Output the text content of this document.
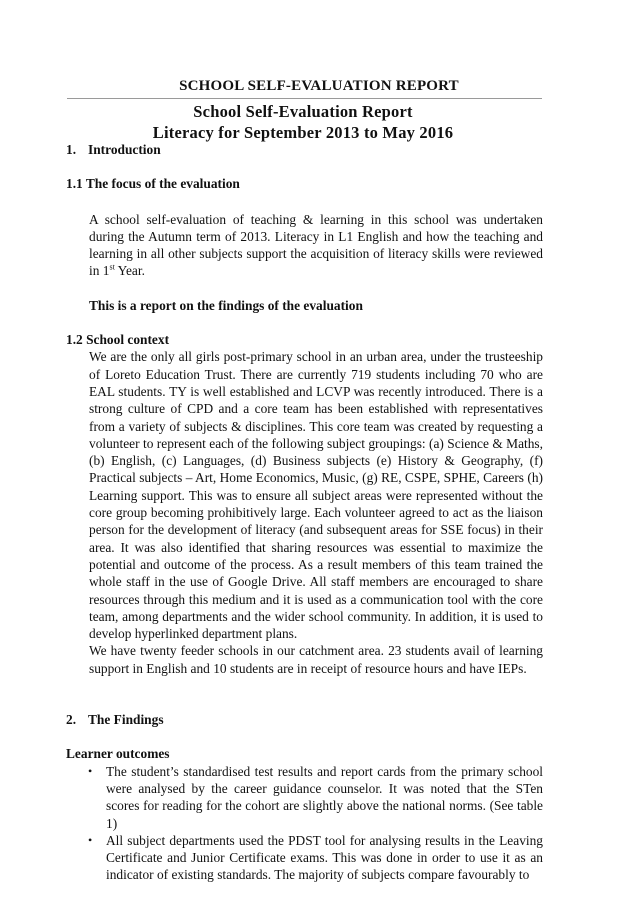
SCHOOL SELF-EVALUATION REPORT
School Self-Evaluation Report
Literacy for September 2013 to May 2016

1. Introduction

1.1 The focus of the evaluation

A school self-evaluation of teaching & learning in this school was undertaken during the Autumn term of 2013. Literacy in L1 English and how the teaching and learning in all other subjects support the acquisition of literacy skills were reviewed in 1st Year.

This is a report on the findings of the evaluation

1.2 School context

We are the only all girls post-primary school in an urban area, under the trusteeship of Loreto Education Trust. There are currently 719 students including 70 who are EAL students. TY is well established and LCVP was recently introduced. There is a strong culture of CPD and a core team has been established with representatives from a variety of subjects & disciplines. This core team was created by requesting a volunteer to represent each of the following subject groupings: (a) Science & Maths, (b) English, (c) Languages, (d) Business subjects (e) History & Geography, (f) Practical subjects – Art, Home Economics, Music, (g) RE, CSPE, SPHE, Careers (h) Learning support. This was to ensure all subject areas were represented without the core group becoming prohibitively large. Each volunteer agreed to act as the liaison person for the development of literacy (and subsequent areas for SSE focus) in their area. It was also identified that sharing resources was essential to maximize the potential and outcome of the process. As a result members of this team trained the whole staff in the use of Google Drive. All staff members are encouraged to share resources through this medium and it is used as a communication tool with the core team, among departments and the wider school community. In addition, it is used to develop hyperlinked department plans.

We have twenty feeder schools in our catchment area. 23 students avail of learning support in English and 10 students are in receipt of resource hours and have IEPs.

2. The Findings

Learner outcomes

• The student’s standardised test results and report cards from the primary school were analysed by the career guidance counselor. It was noted that the STen scores for reading for the cohort are slightly above the national norms. (See table 1)
• All subject departments used the PDST tool for analysing results in the Leaving Certificate and Junior Certificate exams. This was done in order to use it as an indicator of existing standards. The majority of subjects compare favourably to
